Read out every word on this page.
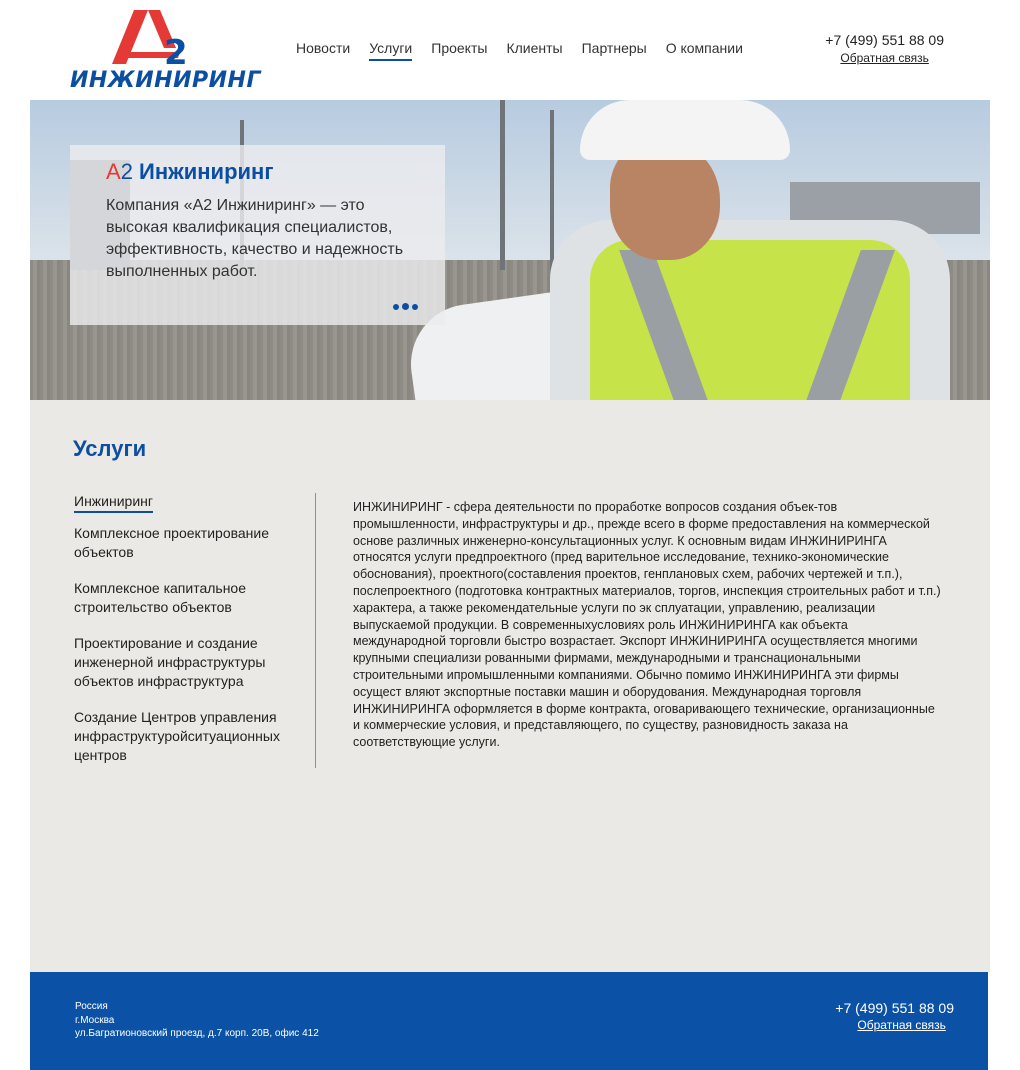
2
ИНЖИНИРИНГ
Новости Услуги Проекты Клиенты Партнеры О компании	+7 (499) 551 88 09
Обратная связь
А2 Инжиниринг
Компания «А2 Инжиниринг» — это высокая квалификация специалистов, эффективность, качество и надежность выполненных работ.
Услуги
Инжиниринг
Комплексное проектирование объектов
Комплексное капитальное строительство объектов
Проектирование и создание инженерной инфраструктуры объектов инфраструктура
Создание Центров управления инфраструктуройситуационных центров
ИНЖИНИРИНГ - сфера деятельности по проработке вопросов создания объек-тов промышленности, инфраструктуры и др., прежде всего в форме предоставления на коммерческой основе различных инженерно-консультационных услуг. К основным видам ИНЖИНИРИНГА относятся услуги предпроектного (пред варительное исследование, технико-экономические обоснования), проектного(составления проектов, генплановых схем, рабочих чертежей и т.п.), послепроектного (подготовка контрактных материалов, торгов, инспекция строительных работ и т.п.) характера, а также рекомендательные услуги по эк сплуатации, управлению, реализации выпускаемой продукции. В современныхусловиях роль ИНЖИНИРИНГА как объекта международной торговли быстро возрастает. Экспорт ИНЖИНИРИНГА осуществляется многими крупными специализи рованными фирмами, международными и транснациональными строительными ипромышленными компаниями. Обычно помимо ИНЖИНИРИНГА эти фирмы осущест вляют экспортные поставки машин и оборудования. Международная торговля ИНЖИНИРИНГА оформляется в форме контракта, оговаривающего технические, организационные и коммерческие условия, и представляющего, по существу, разновидность заказа на соответствующие услуги.
Россия
г.Москва
ул.Багратионовский проезд, д.7 корп. 20В, офис 412
+7 (499) 551 88 09
Обратная связь
